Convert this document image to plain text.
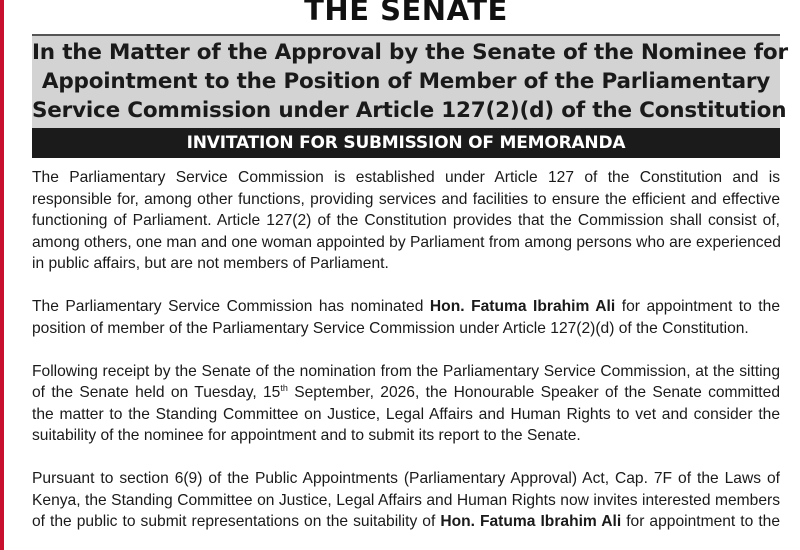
THE SENATE
In the Matter of the Approval by the Senate of the Nominee for
Appointment to the Position of Member of the Parliamentary
Service Commission under Article 127(2)(d) of the Constitution
INVITATION FOR SUBMISSION OF MEMORANDA
The Parliamentary Service Commission is established under Article 127 of the Constitution and is
responsible for, among other functions, providing services and facilities to ensure the efficient and effective
functioning of Parliament. Article 127(2) of the Constitution provides that the Commission shall consist of,
among others, one man and one woman appointed by Parliament from among persons who are experienced
in public affairs, but are not members of Parliament.
The Parliamentary Service Commission has nominated Hon. Fatuma Ibrahim Ali for appointment to the
position of member of the Parliamentary Service Commission under Article 127(2)(d) of the Constitution.
Following receipt by the Senate of the nomination from the Parliamentary Service Commission, at the sitting
of the Senate held on Tuesday, 15th September, 2026, the Honourable Speaker of the Senate committed
the matter to the Standing Committee on Justice, Legal Affairs and Human Rights to vet and consider the
suitability of the nominee for appointment and to submit its report to the Senate.
Pursuant to section 6(9) of the Public Appointments (Parliamentary Approval) Act, Cap. 7F of the Laws of
Kenya, the Standing Committee on Justice, Legal Affairs and Human Rights now invites interested members
of the public to submit representations on the suitability of Hon. Fatuma Ibrahim Ali for appointment to the
